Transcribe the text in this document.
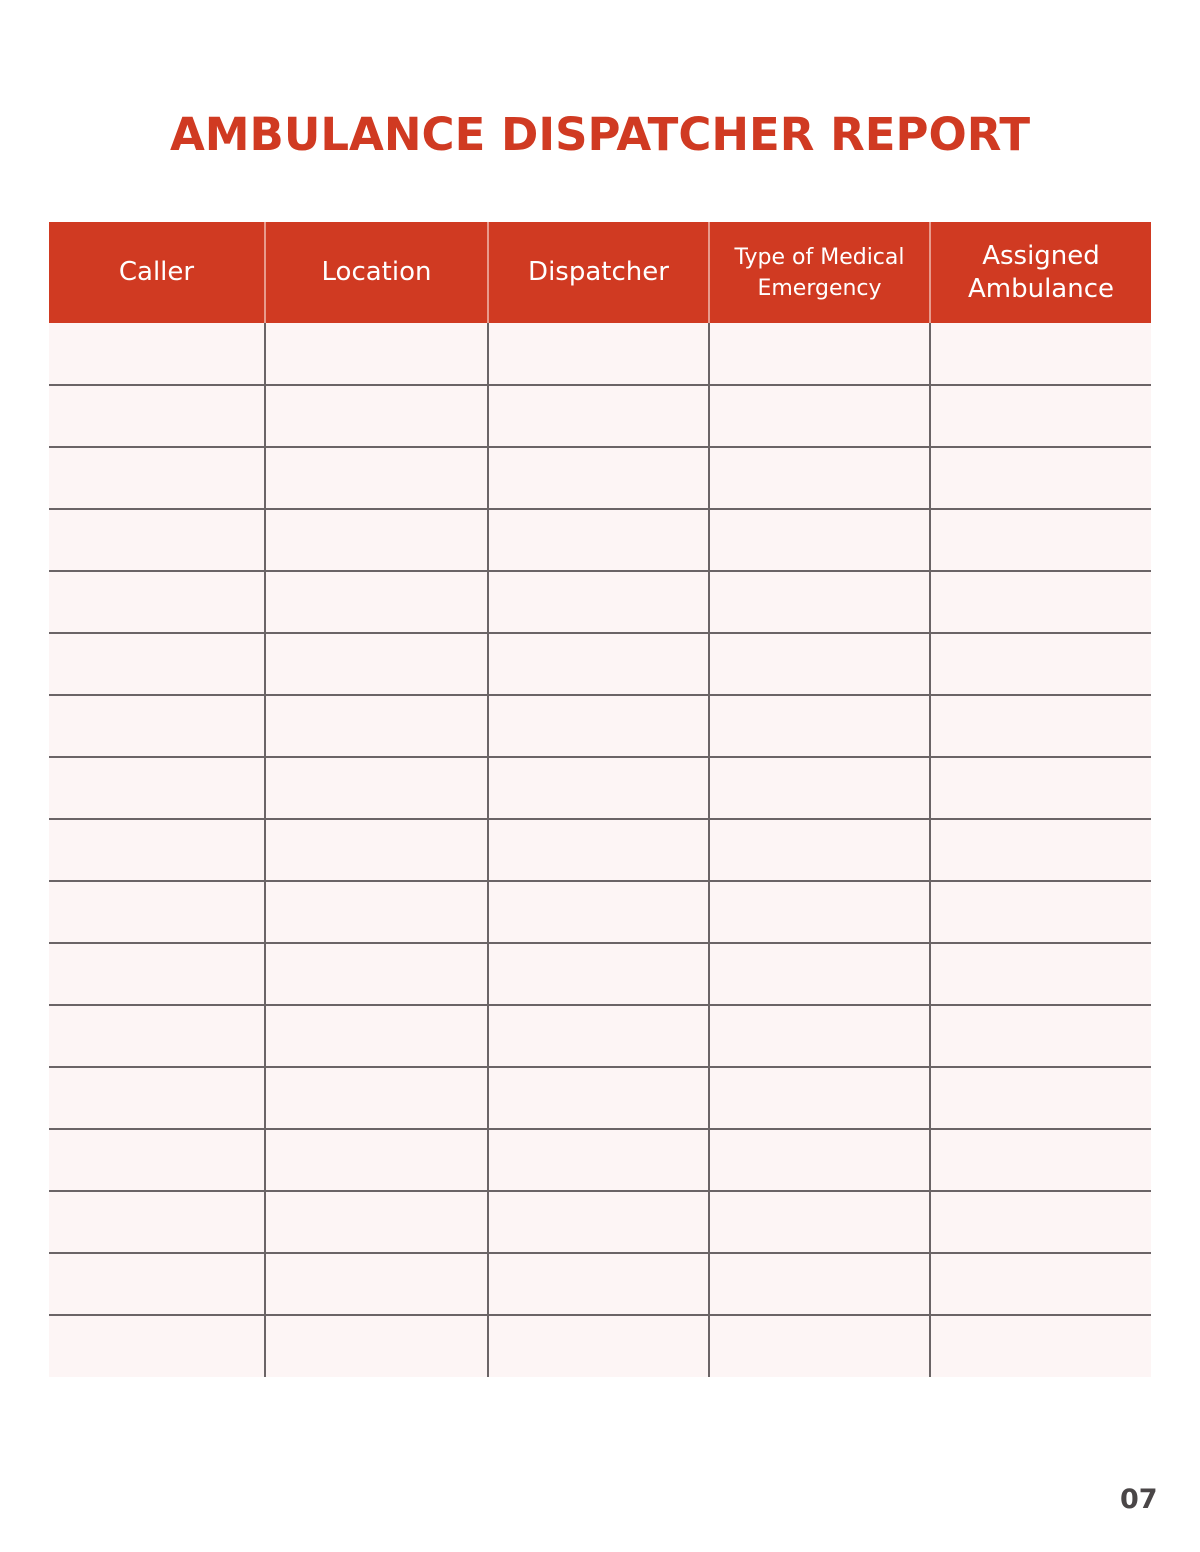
AMBULANCE DISPATCHER REPORT
Caller	Location	Dispatcher	Type of Medical Emergency	Assigned Ambulance

07
